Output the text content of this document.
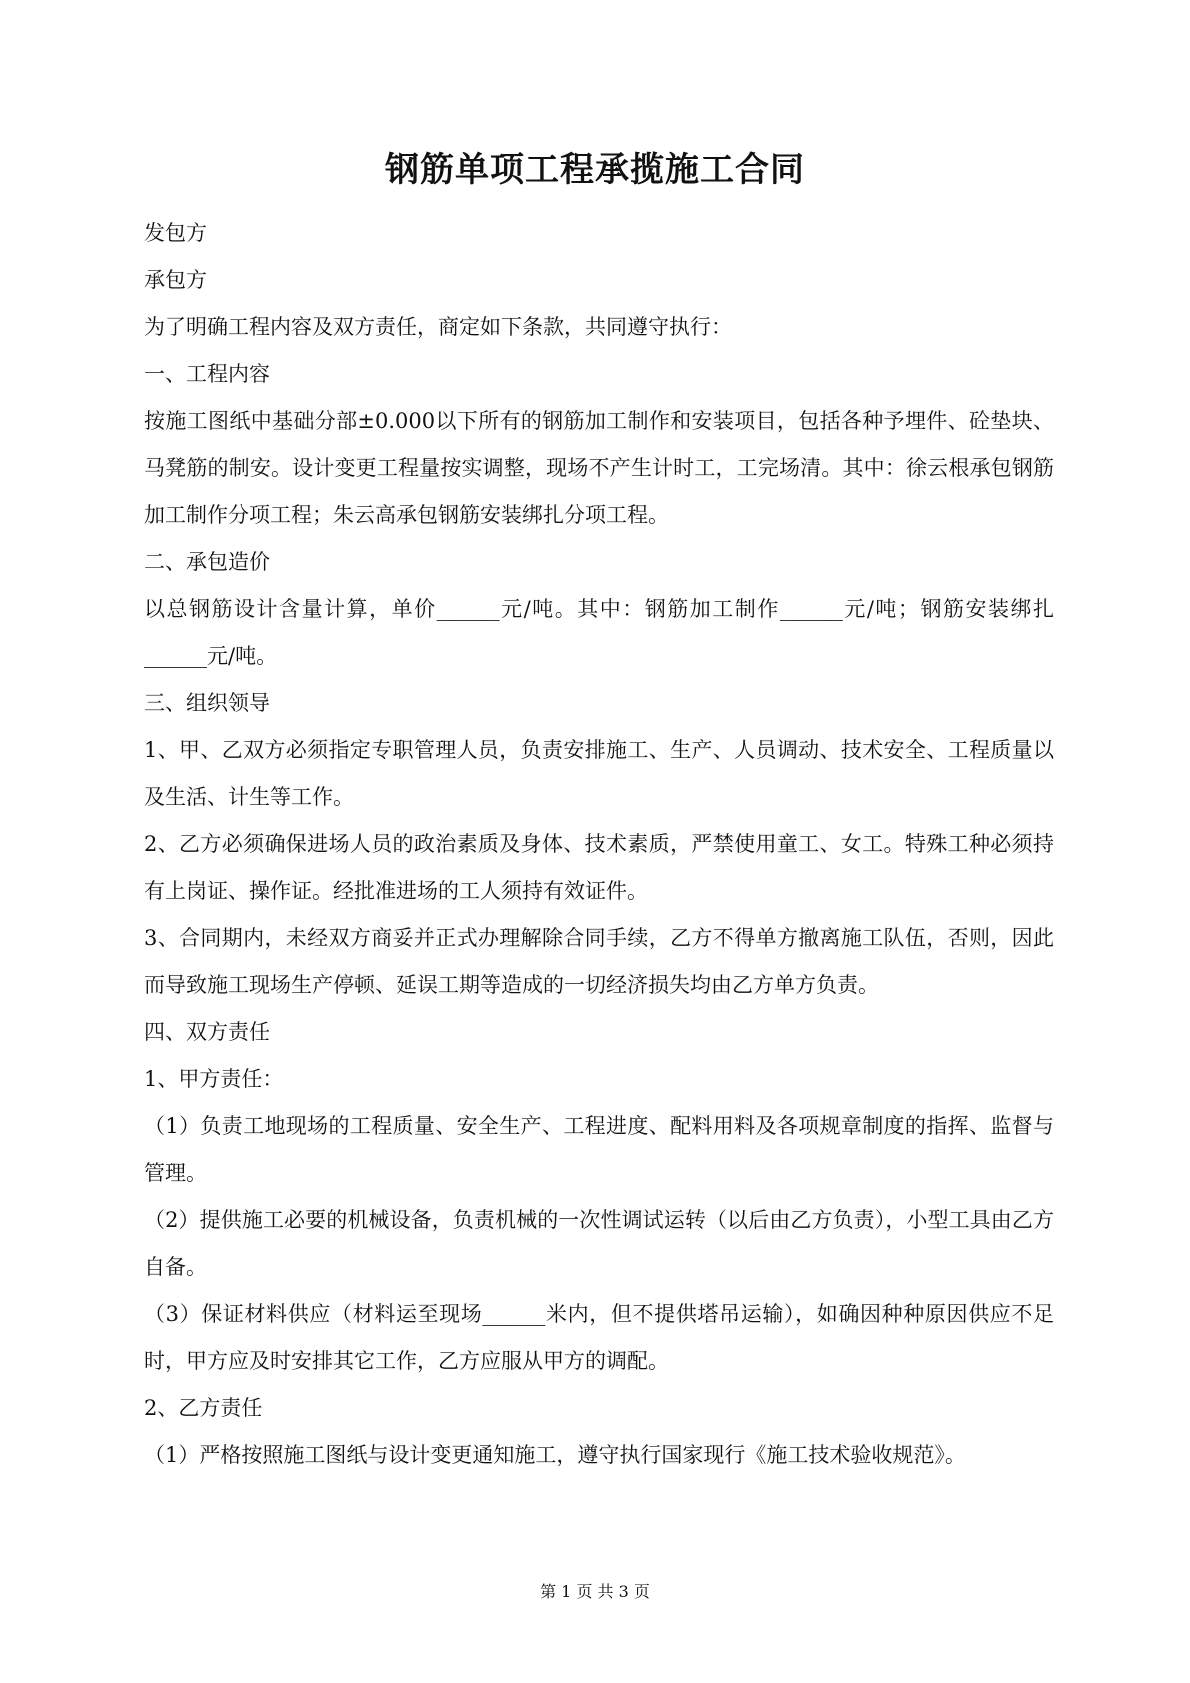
钢筋单项工程承揽施工合同

发包方

承包方

为了明确工程内容及双方责任，商定如下条款，共同遵守执行：

一、工程内容

按施工图纸中基础分部±0.000以下所有的钢筋加工制作和安装项目，包括各种予埋件、砼垫块、马凳筋的制安。设计变更工程量按实调整，现场不产生计时工，工完场清。其中：徐云根承包钢筋加工制作分项工程；朱云高承包钢筋安装绑扎分项工程。

二、承包造价

以总钢筋设计含量计算，单价______元/吨。其中：钢筋加工制作______元/吨；钢筋安装绑扎______元/吨。

三、组织领导

1、甲、乙双方必须指定专职管理人员，负责安排施工、生产、人员调动、技术安全、工程质量以及生活、计生等工作。

2、乙方必须确保进场人员的政治素质及身体、技术素质，严禁使用童工、女工。特殊工种必须持有上岗证、操作证。经批准进场的工人须持有效证件。

3、合同期内，未经双方商妥并正式办理解除合同手续，乙方不得单方撤离施工队伍，否则，因此而导致施工现场生产停顿、延误工期等造成的一切经济损失均由乙方单方负责。

四、双方责任

1、甲方责任：

（1）负责工地现场的工程质量、安全生产、工程进度、配料用料及各项规章制度的指挥、监督与管理。

（2）提供施工必要的机械设备，负责机械的一次性调试运转（以后由乙方负责），小型工具由乙方自备。

（3）保证材料供应（材料运至现场______米内，但不提供塔吊运输），如确因种种原因供应不足时，甲方应及时安排其它工作，乙方应服从甲方的调配。

2、乙方责任

（1）严格按照施工图纸与设计变更通知施工，遵守执行国家现行《施工技术验收规范》。

第 1 页 共 3 页
